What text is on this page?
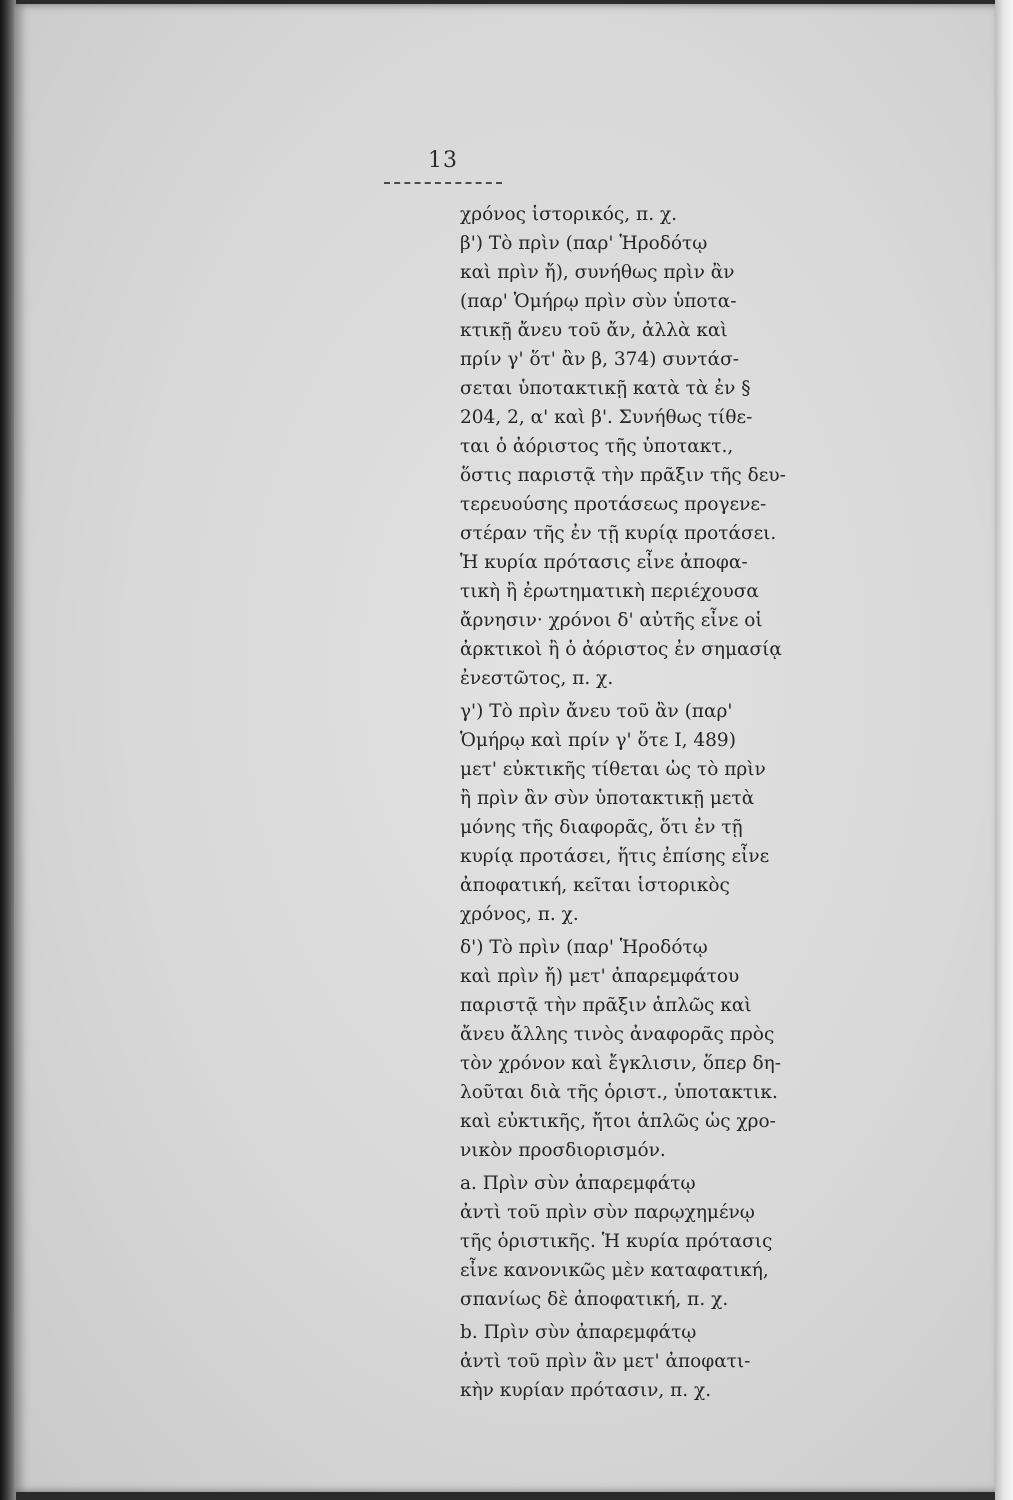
13
χρόνος ἱστορικός, π. χ.
β') Τὸ πρὶν (παρ' Ἡροδότῳ
καὶ πρὶν ἤ), συνήθως πρὶν ἂν
(παρ' Ὁμήρῳ πρὶν σὺν ὑποτα-
κτικῇ ἄνευ τοῦ ἄν, ἀλλὰ καὶ
πρίν γ' ὅτ' ἂν β, 374) συντάσ-
σεται ὑποτακτικῇ κατὰ τὰ ἐν §
204, 2, α' καὶ β'. Συνήθως τίθε-
ται ὁ ἀόριστος τῆς ὑποτακτ.,
ὅστις παριστᾷ τὴν πρᾶξιν τῆς δευ-
τερευούσης προτάσεως προγενε-
στέραν τῆς ἐν τῇ κυρίᾳ προτάσει.
Ἡ κυρία πρότασις εἶνε ἀποφα-
τικὴ ἢ ἐρωτηματικὴ περιέχουσα
ἄρνησιν· χρόνοι δ' αὐτῆς εἶνε οἱ
ἀρκτικοὶ ἢ ὁ ἀόριστος ἐν σημασίᾳ
ἐνεστῶτος, π. χ.
γ') Τὸ πρὶν ἄνευ τοῦ ἂν (παρ'
Ὁμήρῳ καὶ πρίν γ' ὅτε Ι, 489)
μετ' εὐκτικῆς τίθεται ὡς τὸ πρὶν
ἢ πρὶν ἂν σὺν ὑποτακτικῇ μετὰ
μόνης τῆς διαφορᾶς, ὅτι ἐν τῇ
κυρίᾳ προτάσει, ἥτις ἐπίσης εἶνε
ἀποφατική, κεῖται ἱστορικὸς
χρόνος, π. χ.
δ') Τὸ πρὶν (παρ' Ἡροδότῳ
καὶ πρὶν ἤ) μετ' ἀπαρεμφάτου
παριστᾷ τὴν πρᾶξιν ἁπλῶς καὶ
ἄνευ ἄλλης τινὸς ἀναφορᾶς πρὸς
τὸν χρόνον καὶ ἔγκλισιν, ὅπερ δη-
λοῦται διὰ τῆς ὁριστ., ὑποτακτικ.
καὶ εὐκτικῆς, ἤτοι ἁπλῶς ὡς χρο-
νικὸν προσδιορισμόν.
a. Πρὶν σὺν ἀπαρεμφάτῳ
ἀντὶ τοῦ πρὶν σὺν παρῳχημένῳ
τῆς ὁριστικῆς. Ἡ κυρία πρότασις
εἶνε κανονικῶς μὲν καταφατική,
σπανίως δὲ ἀποφατική, π. χ.
b. Πρὶν σὺν ἀπαρεμφάτῳ
ἀντὶ τοῦ πρὶν ἂν μετ' ἀποφατι-
κὴν κυρίαν πρότασιν, π. χ.
